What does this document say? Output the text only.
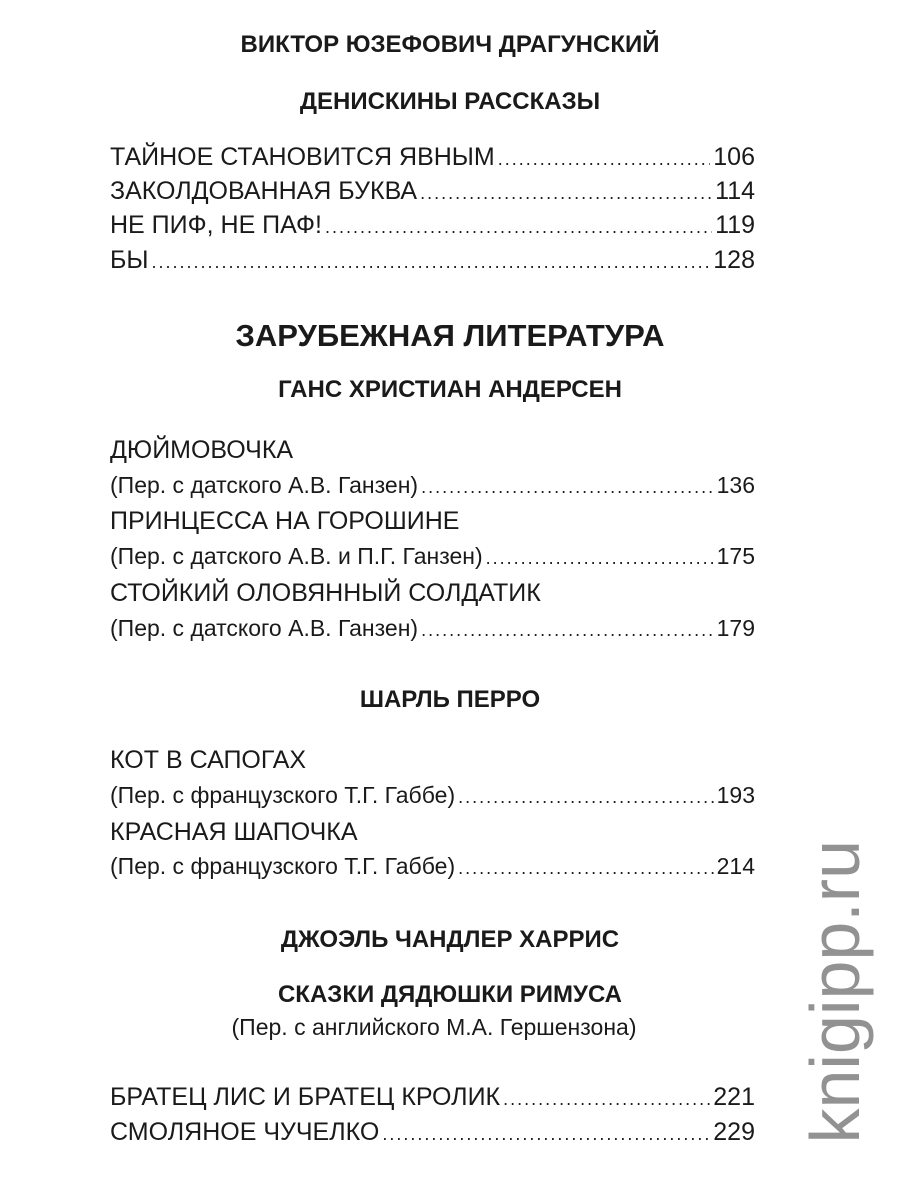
ВИКТОР ЮЗЕФОВИЧ ДРАГУНСКИЙ
ДЕНИСКИНЫ РАССКАЗЫ
ТАЙНОЕ СТАНОВИТСЯ ЯВНЫМ .....	106
ЗАКОЛДОВАННАЯ БУКВА .....	114
НЕ ПИФ, НЕ ПАФ! .....	119
БЫ .....	128
ЗАРУБЕЖНАЯ ЛИТЕРАТУРА
ГАНС ХРИСТИАН АНДЕРСЕН
ДЮЙМОВОЧКА
(Пер. с датского А.В. Ганзен) .....	136
ПРИНЦЕССА НА ГОРОШИНЕ
(Пер. с датского А.В. и П.Г. Ганзен) .....	175
СТОЙКИЙ ОЛОВЯННЫЙ СОЛДАТИК
(Пер. с датского А.В. Ганзен) .....	179
ШАРЛЬ ПЕРРО
КОТ В САПОГАХ
(Пер. с французского Т.Г. Габбе) .....	193
КРАСНАЯ ШАПОЧКА
(Пер. с французского Т.Г. Габбе) .....	214
ДЖОЭЛЬ ЧАНДЛЕР ХАРРИС
СКАЗКИ ДЯДЮШКИ РИМУСА
(Пер. с английского М.А. Гершензона)
БРАТЕЦ ЛИС И БРАТЕЦ КРОЛИК .....	221
СМОЛЯНОЕ ЧУЧЕЛКО .....	229 knigipp.ru
